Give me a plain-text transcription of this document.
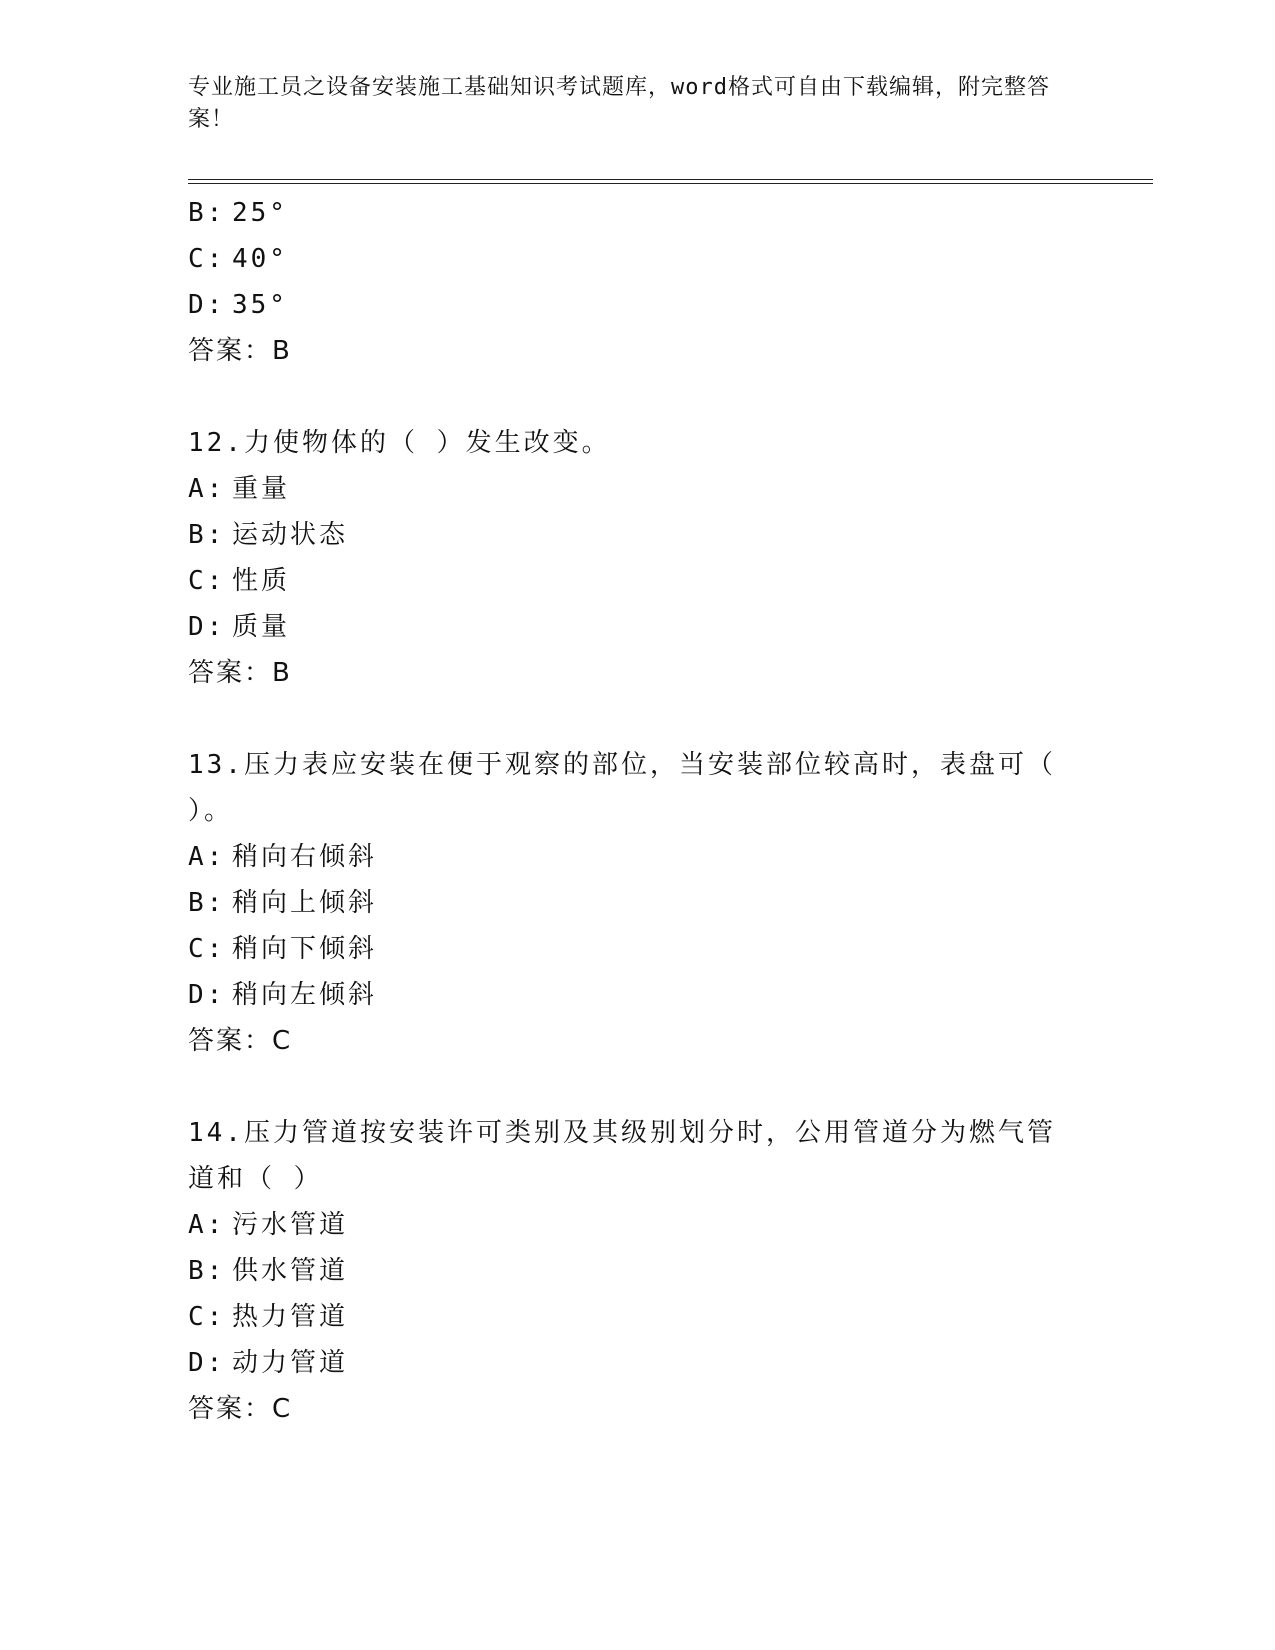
专业施工员之设备安装施工基础知识考试题库，word格式可自由下载编辑，附完整答案！
B: 25°
C: 40°
D: 35°
答案：B
12.力使物体的（ ）发生改变。
A: 重量
B: 运动状态
C: 性质
D: 质量
答案：B
13.压力表应安装在便于观察的部位，当安装部位较高时，表盘可（ ）。
A: 稍向右倾斜
B: 稍向上倾斜
C: 稍向下倾斜
D: 稍向左倾斜
答案：C
14.压力管道按安装许可类别及其级别划分时，公用管道分为燃气管道和（ ）
A: 污水管道
B: 供水管道
C: 热力管道
D: 动力管道
答案：C
